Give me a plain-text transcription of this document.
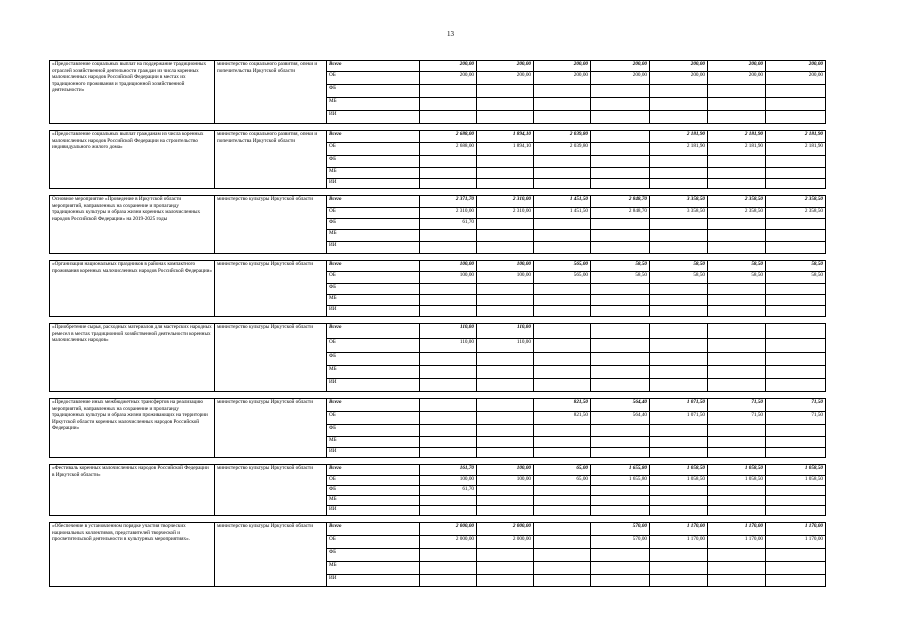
13
«Предоставление социальных выплат на поддержание традиционных отраслей хозяйственной деятельности граждан из числа коренных малочисленных народов Российской Федерации в местах их традиционного проживания и традиционной хозяйственной деятельности»	министерство социального развития, опеки и попечительства Иркутской области	Всего	200,00	200,00	200,00	200,00	200,00	200,00	200,00
		ОБ	200,00	200,00	200,00	200,00	200,00	200,00	200,00
		ФБ							
		МБ							
		ИИ							

«Предоставление социальных выплат гражданам из числа коренных малочисленных народов Российской Федерации на строительство индивидуального жилого дома»	министерство социального развития, опеки и попечительства Иркутской области	Всего	2 688,00	1 894,10	2 039,80		2 181,90	2 181,90	2 181,90
		ОБ	2 688,00	1 894,10	2 039,80		2 181,90	2 181,90	2 181,90
		ФБ							
		МБ							
		ИИ							

Основное мероприятие «Проведение в Иркутской области мероприятий, направленных на сохранение и пропаганду традиционных культуры и образа жизни коренных малочисленных народов Российской Федерации» на 2019-2025 годы	министерство культуры Иркутской области	Всего	2 371,70	2 310,00	1 451,50	2 848,70	3 358,50	2 358,50	2 358,50
		ОБ	2 310,00	2 310,00	1 451,50	2 848,70	3 358,50	2 358,50	2 358,50
		ФБ	61,70						
		МБ							
		ИИ							

«Организация национальных праздников в районах компактного проживания коренных малочисленных народов Российской Федерации»	министерство культуры Иркутской области	Всего	100,00	100,00	565,00	58,50	58,50	58,50	58,50
		ОБ	100,00	100,00	565,00	58,50	58,50	58,50	58,50
		ФБ							
		МБ							
		ИИ							

«Приобретение сырья, расходных материалов для мастерских народных ремесел в местах традиционной хозяйственной деятельности коренных малочисленных народов»	министерство культуры Иркутской области	Всего	110,00	110,00					
		ОБ	110,00	110,00					
		ФБ							
		МБ							
		ИИ							

«Предоставление иных межбюджетных трансфертов на реализацию мероприятий, направленных на сохранение и пропаганду традиционных культуры и образа жизни проживающих на территории Иркутской области коренных малочисленных народов Российской Федерации»	министерство культуры Иркутской области	Всего			821,50	564,40	1 071,50	71,50	71,50
		ОБ			821,50	564,40	1 071,50	71,50	71,50
		ФБ							
		МБ							
		ИИ							

«Фестиваль коренных малочисленных народов Российской Федерации в Иркутской области»	министерство культуры Иркутской области	Всего	161,70	100,00	65,00	1 655,80	1 058,50	1 058,50	1 058,50
		ОБ	100,00	100,00	65,00	1 655,80	1 058,50	1 058,50	1 058,50
		ФБ	61,70						
		МБ							
		ИИ							

«Обеспечение в установленном порядке участия творческих национальных коллективов, представителей творческой и просветительской деятельности в культурных мероприятиях».	министерство культуры Иркутской области	Всего	2 000,00	2 000,00		570,00	1 170,00	1 170,00	1 170,00
		ОБ	2 000,00	2 000,00		570,00	1 170,00	1 170,00	1 170,00
		ФБ							
		МБ							
		ИИ							
